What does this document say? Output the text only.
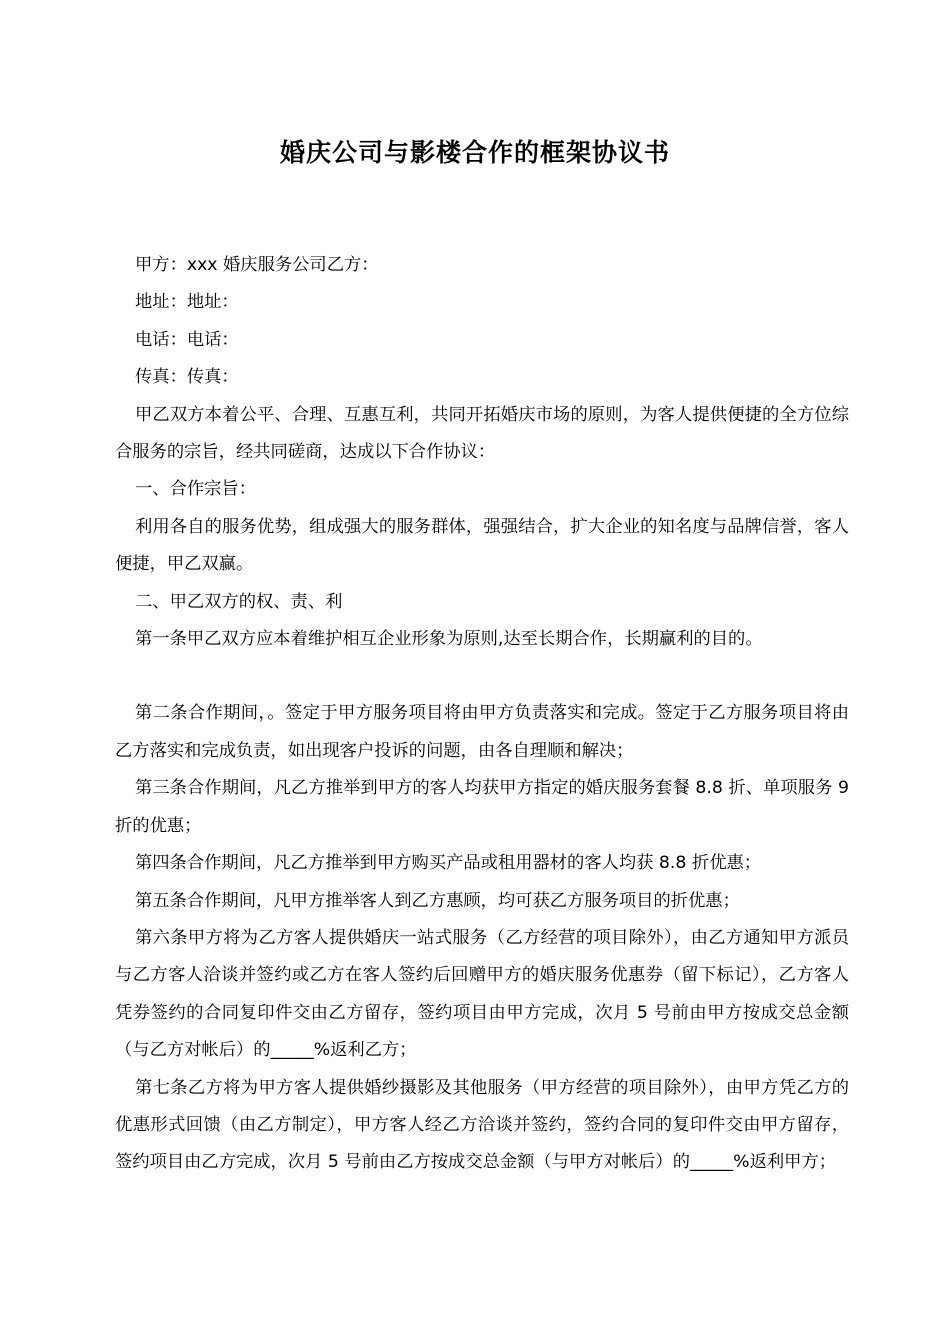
婚庆公司与影楼合作的框架协议书

甲方：xxx 婚庆服务公司乙方：

地址：地址：

电话：电话：

传真：传真：

甲乙双方本着公平、合理、互惠互利，共同开拓婚庆市场的原则，为客人提供便捷的全方位综合服务的宗旨，经共同磋商，达成以下合作协议：

一、合作宗旨：

利用各自的服务优势，组成强大的服务群体，强强结合，扩大企业的知名度与品牌信誉，客人便捷，甲乙双赢。

二、甲乙双方的权、责、利

第一条甲乙双方应本着维护相互企业形象为原则,达至长期合作，长期赢利的目的。

第二条合作期间，。签定于甲方服务项目将由甲方负责落实和完成。签定于乙方服务项目将由乙方落实和完成负责，如出现客户投诉的问题，由各自理顺和解决；

第三条合作期间，凡乙方推举到甲方的客人均获甲方指定的婚庆服务套餐 8.8 折、单项服务 9 折的优惠；

第四条合作期间，凡乙方推举到甲方购买产品或租用器材的客人均获 8.8 折优惠；

第五条合作期间，凡甲方推举客人到乙方惠顾，均可获乙方服务项目的折优惠；

第六条甲方将为乙方客人提供婚庆一站式服务（乙方经营的项目除外），由乙方通知甲方派员与乙方客人洽谈并签约或乙方在客人签约后回赠甲方的婚庆服务优惠券（留下标记），乙方客人凭券签约的合同复印件交由乙方留存，签约项目由甲方完成，次月 5 号前由甲方按成交总金额（与乙方对帐后）的_____%返利乙方；

第七条乙方将为甲方客人提供婚纱摄影及其他服务（甲方经营的项目除外），由甲方凭乙方的优惠形式回馈（由乙方制定），甲方客人经乙方洽谈并签约，签约合同的复印件交由甲方留存，签约项目由乙方完成，次月 5 号前由乙方按成交总金额（与甲方对帐后）的_____%返利甲方；
